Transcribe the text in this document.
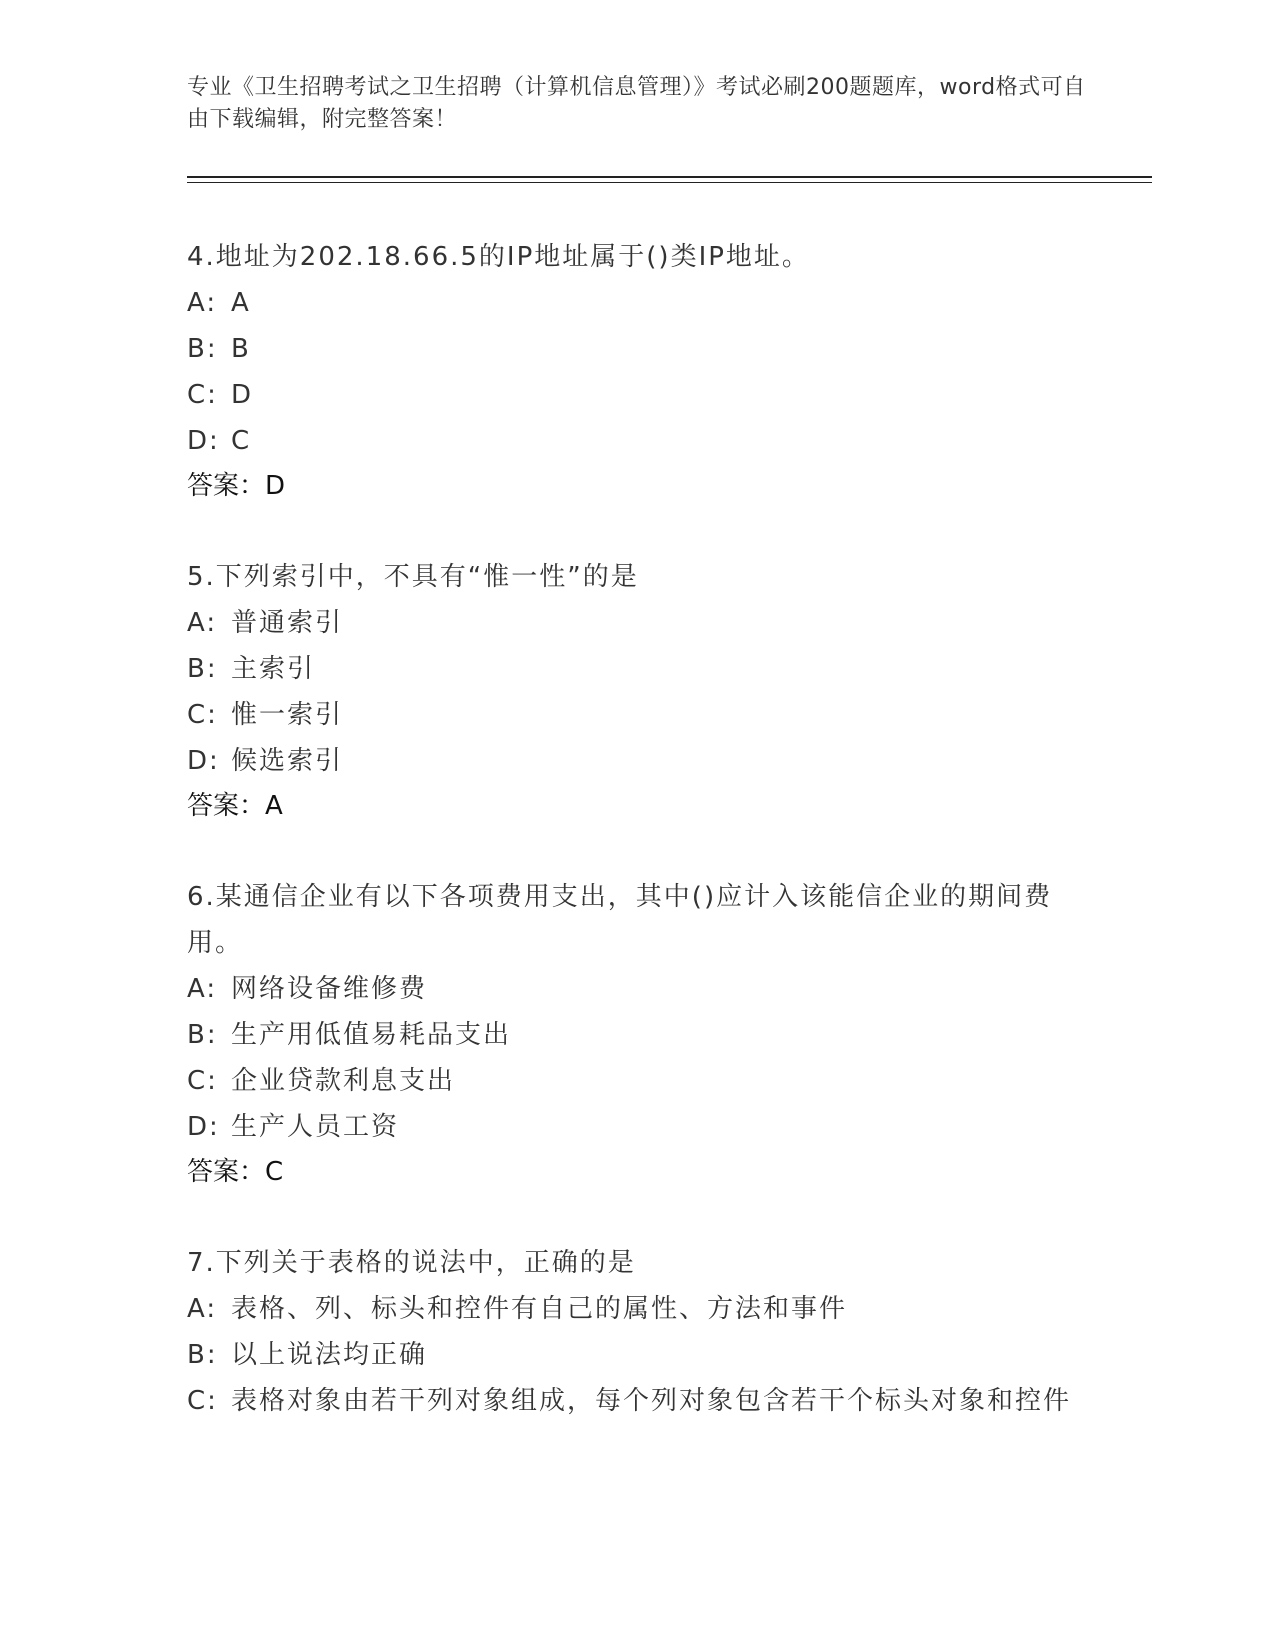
专业《卫生招聘考试之卫生招聘（计算机信息管理）》考试必刷200题题库，word格式可自由下载编辑，附完整答案！

4.地址为202.18.66.5的IP地址属于()类IP地址。

A: A

B: B

C: D

D: C

答案：D

5.下列索引中，不具有“惟一性”的是

A: 普通索引

B: 主索引

C: 惟一索引

D: 候选索引

答案：A

6.某通信企业有以下各项费用支出，其中()应计入该能信企业的期间费用。

A: 网络设备维修费

B: 生产用低值易耗品支出

C: 企业贷款利息支出

D: 生产人员工资

答案：C

7.下列关于表格的说法中，正确的是

A: 表格、列、标头和控件有自己的属性、方法和事件

B: 以上说法均正确

C: 表格对象由若干列对象组成，每个列对象包含若干个标头对象和控件
